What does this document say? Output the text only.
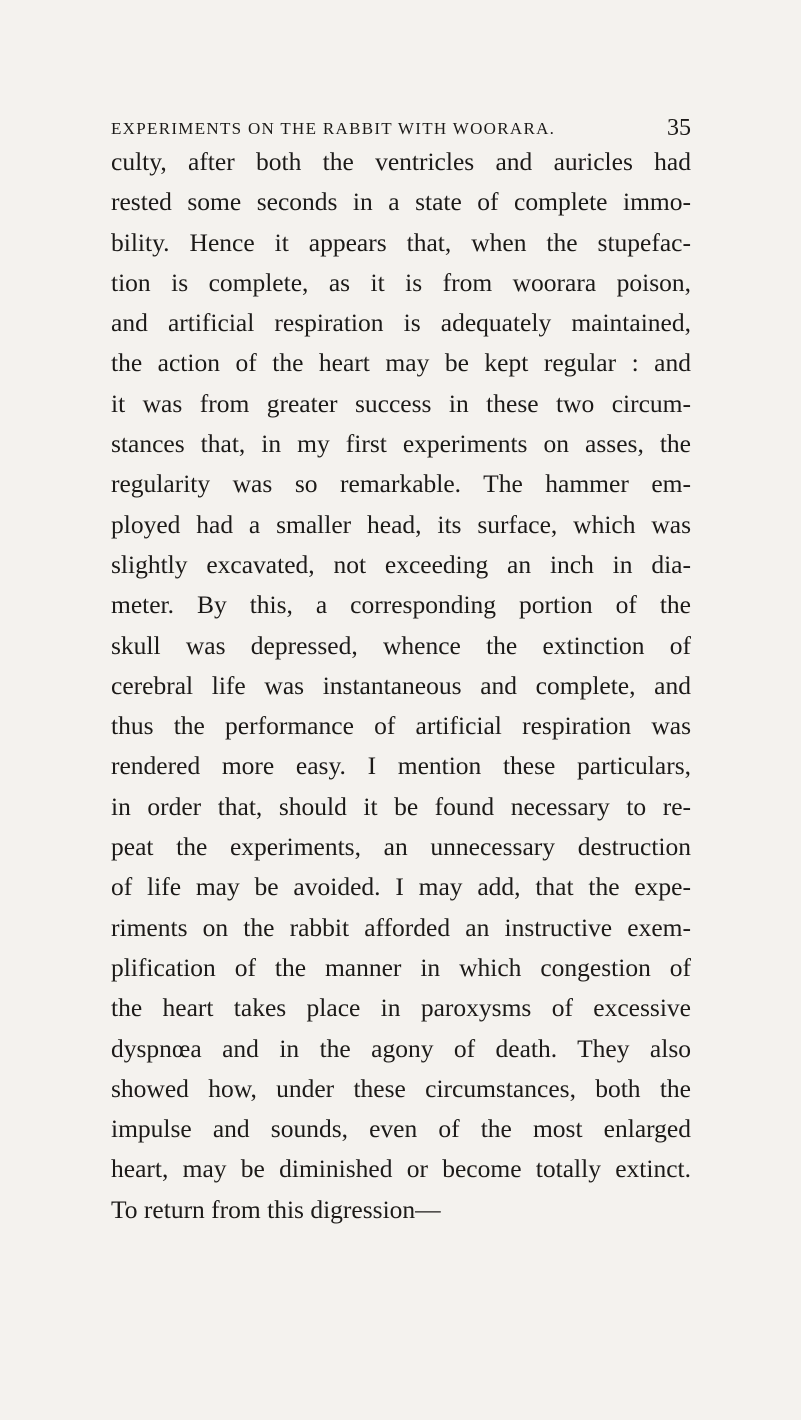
EXPERIMENTS ON THE RABBIT WITH WOORARA.	35
culty, after both the ventricles and auricles had
rested some seconds in a state of complete immo-
bility. Hence it appears that, when the stupefac-
tion is complete, as it is from woorara poison,
and artificial respiration is adequately maintained,
the action of the heart may be kept regular : and
it was from greater success in these two circum-
stances that, in my first experiments on asses, the
regularity was so remarkable. The hammer em-
ployed had a smaller head, its surface, which was
slightly excavated, not exceeding an inch in dia-
meter. By this, a corresponding portion of the
skull was depressed, whence the extinction of
cerebral life was instantaneous and complete, and
thus the performance of artificial respiration was
rendered more easy. I mention these particulars,
in order that, should it be found necessary to re-
peat the experiments, an unnecessary destruction
of life may be avoided. I may add, that the expe-
riments on the rabbit afforded an instructive exem-
plification of the manner in which congestion of
the heart takes place in paroxysms of excessive
dyspnœa and in the agony of death. They also
showed how, under these circumstances, both the
impulse and sounds, even of the most enlarged
heart, may be diminished or become totally extinct.
To return from this digression—
